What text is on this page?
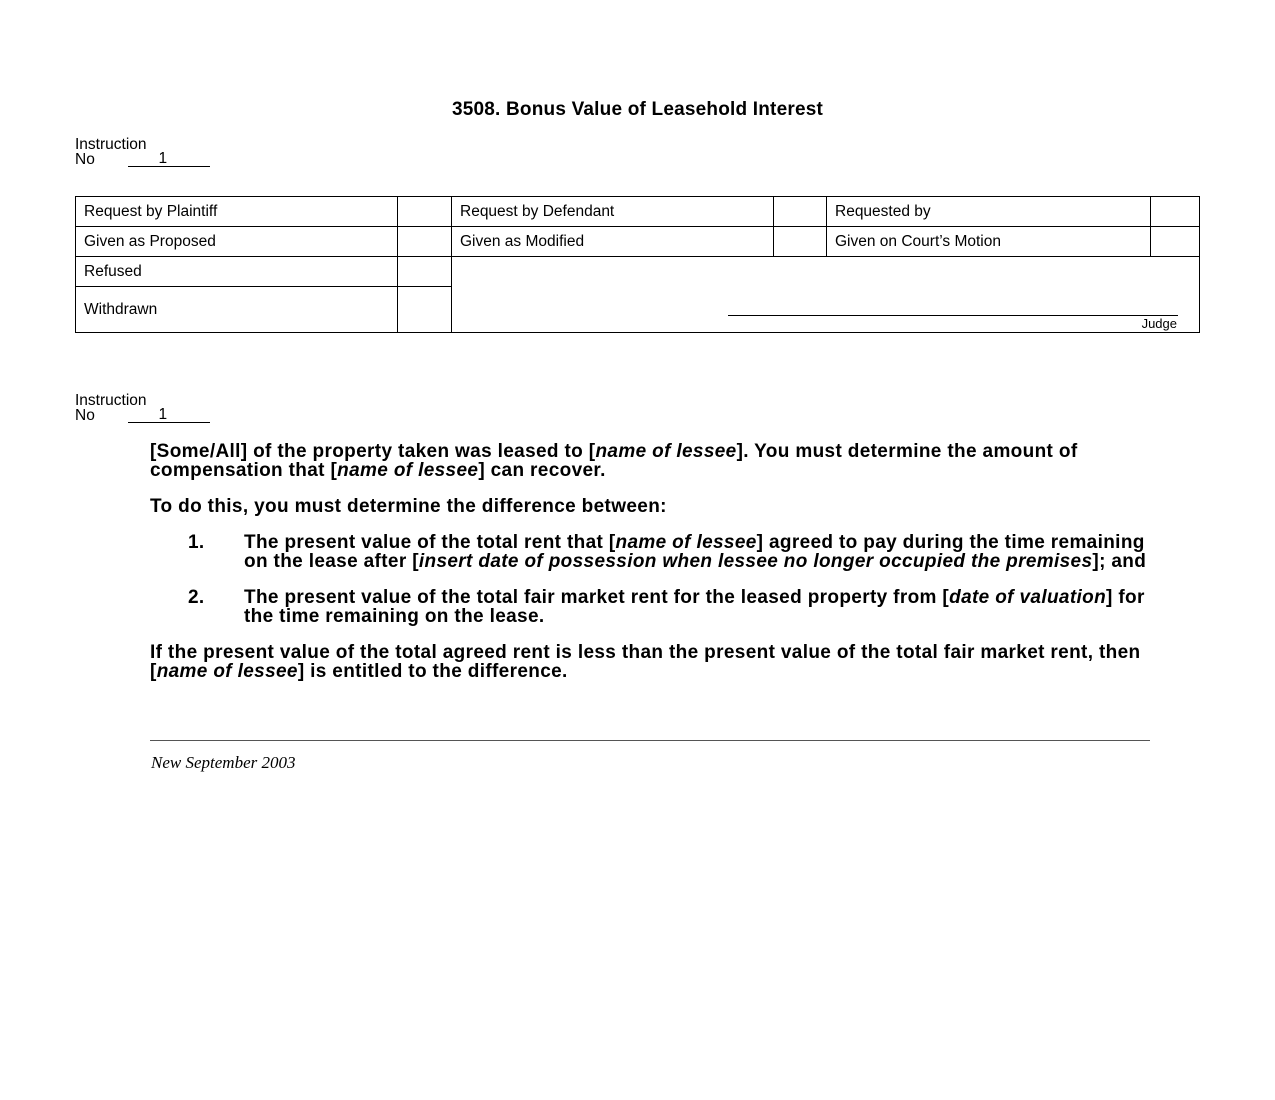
3508. Bonus Value of Leasehold Interest
Instruction
No	1
Request by Plaintiff	Request by Defendant	Requested by
Given as Proposed	Given as Modified	Given on Court’s Motion
Refused
Withdrawn
Judge
Instruction
No	1

[Some/All] of the property taken was leased to [name of lessee]. You must determine the amount of compensation that [name of lessee] can recover.

To do this, you must determine the difference between:

1.	The present value of the total rent that [name of lessee] agreed to pay during the time remaining on the lease after [insert date of possession when lessee no longer occupied the premises]; and
2.	The present value of the total fair market rent for the leased property from [date of valuation] for the time remaining on the lease.

If the present value of the total agreed rent is less than the present value of the total fair market rent, then [name of lessee] is entitled to the difference.

New September 2003
